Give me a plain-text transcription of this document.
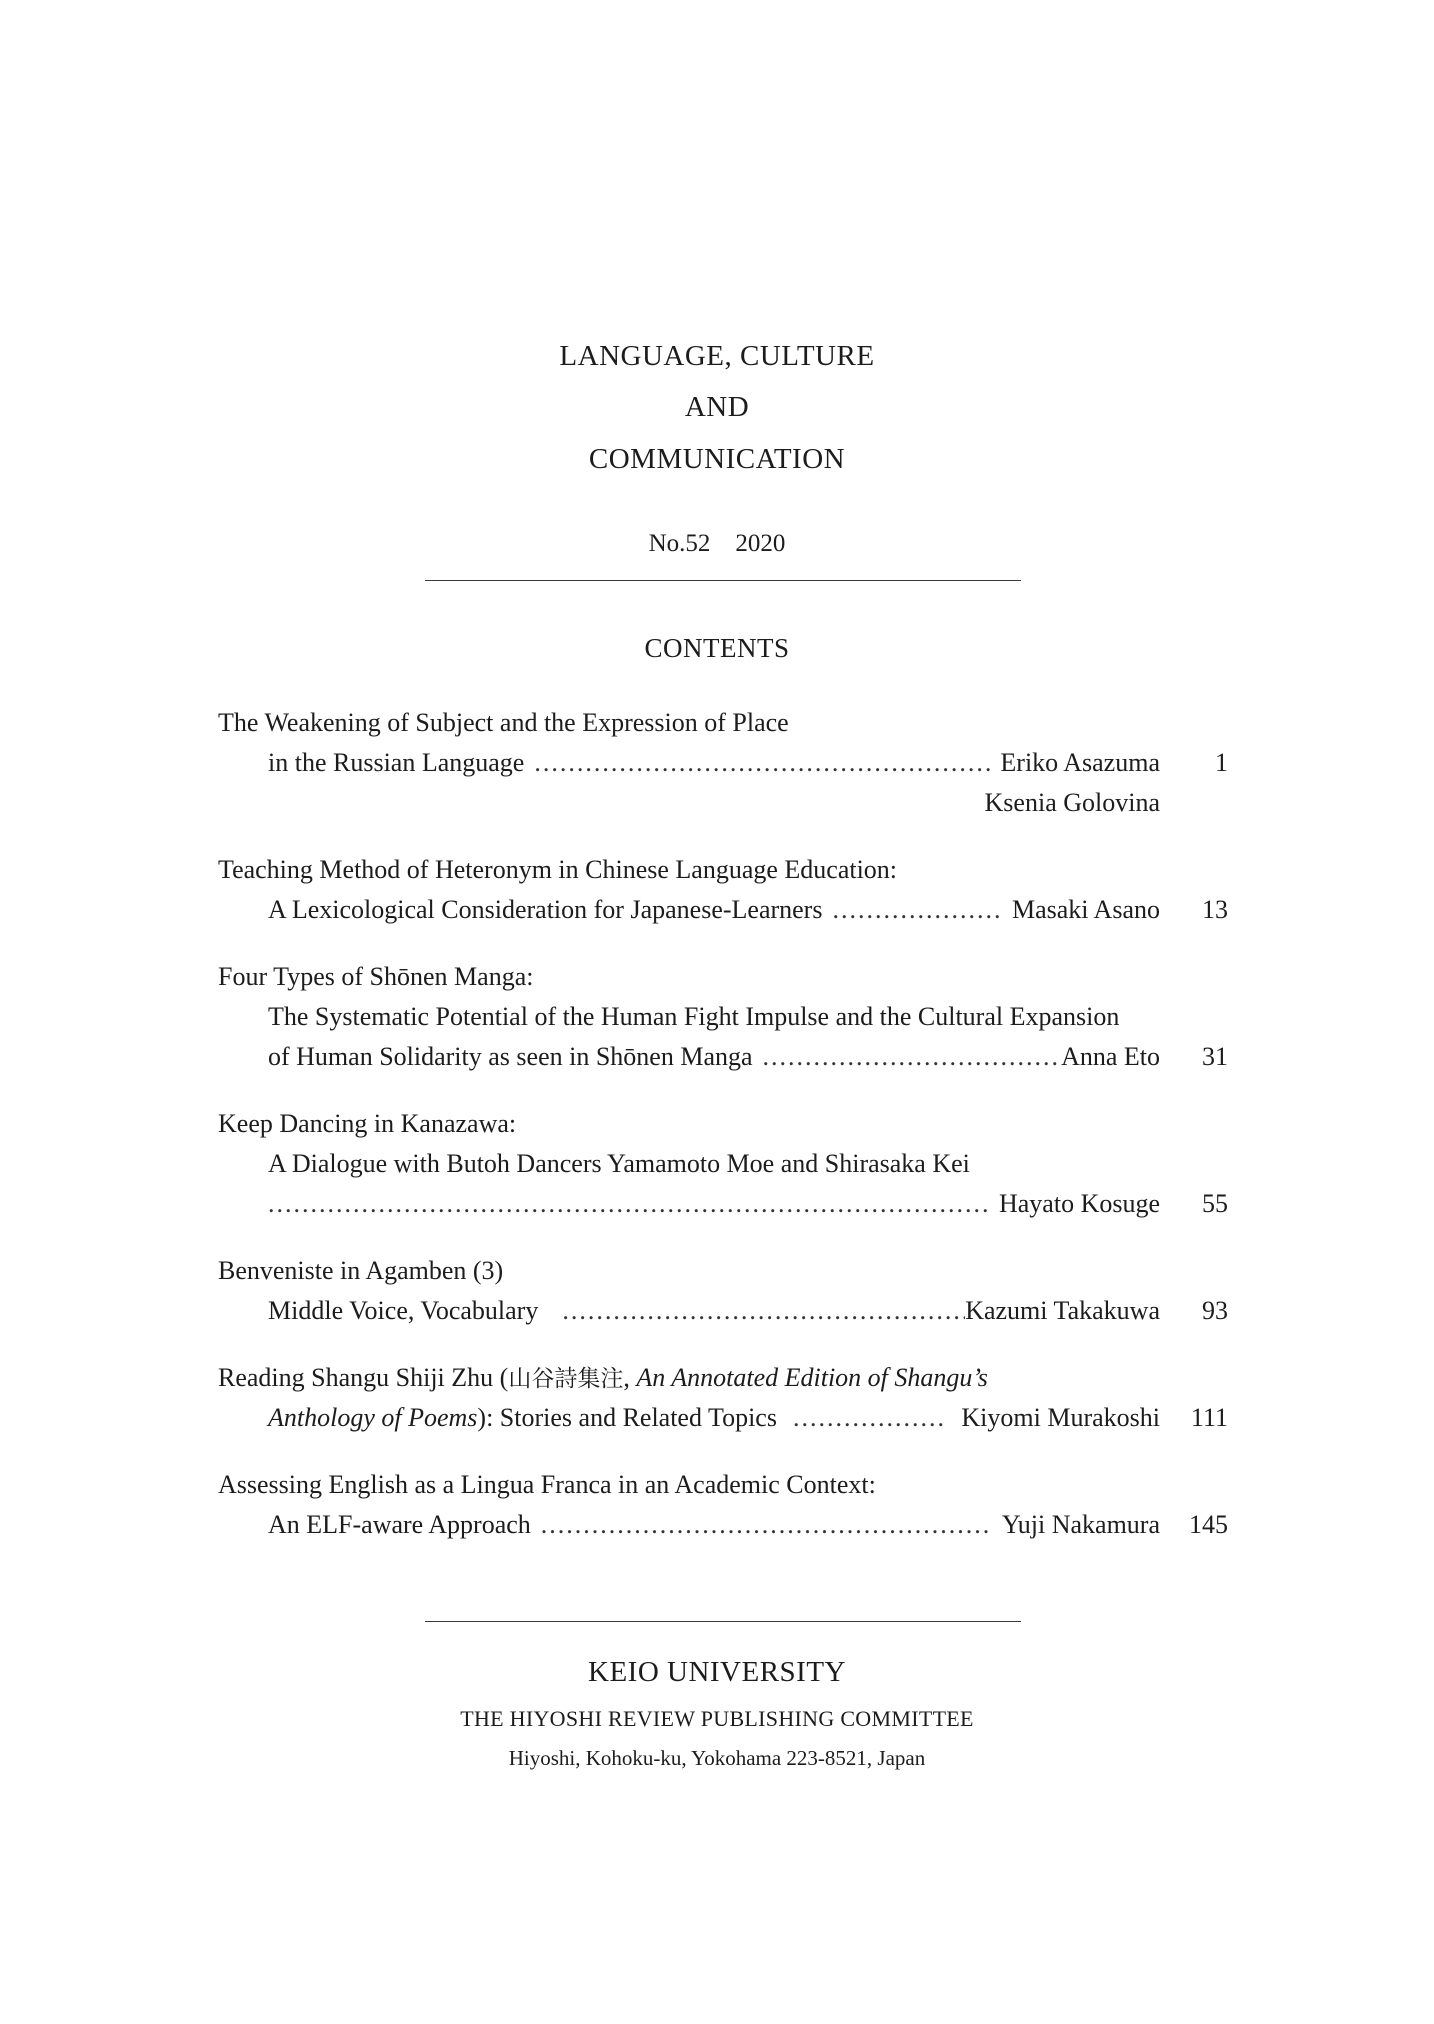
LANGUAGE, CULTURE
AND
COMMUNICATION
No.52 2020
CONTENTS
The Weakening of Subject and the Expression of Place
in the Russian Language .....	Eriko Asazuma	1
Ksenia Golovina
Teaching Method of Heteronym in Chinese Language Education:
A Lexicological Consideration for Japanese-Learners .....	Masaki Asano	13
Four Types of Shōnen Manga:
The Systematic Potential of the Human Fight Impulse and the Cultural Expansion
of Human Solidarity as seen in Shōnen Manga .....	Anna Eto	31
Keep Dancing in Kanazawa:
A Dialogue with Butoh Dancers Yamamoto Moe and Shirasaka Kei
.....
Hayato Kosuge	55
Benveniste in Agamben (3)
Middle Voice, Vocabulary .....	Kazumi Takakuwa	93
Reading Shangu Shiji Zhu (山谷詩集注, An Annotated Edition of Shangu’s
Anthology of Poems): Stories and Related Topics .....	Kiyomi Murakoshi	111
Assessing English as a Lingua Franca in an Academic Context:
An ELF-aware Approach .....	Yuji Nakamura	145
KEIO UNIVERSITY
THE HIYOSHI REVIEW PUBLISHING COMMITTEE
Hiyoshi, Kohoku-ku, Yokohama 223-8521, Japan
